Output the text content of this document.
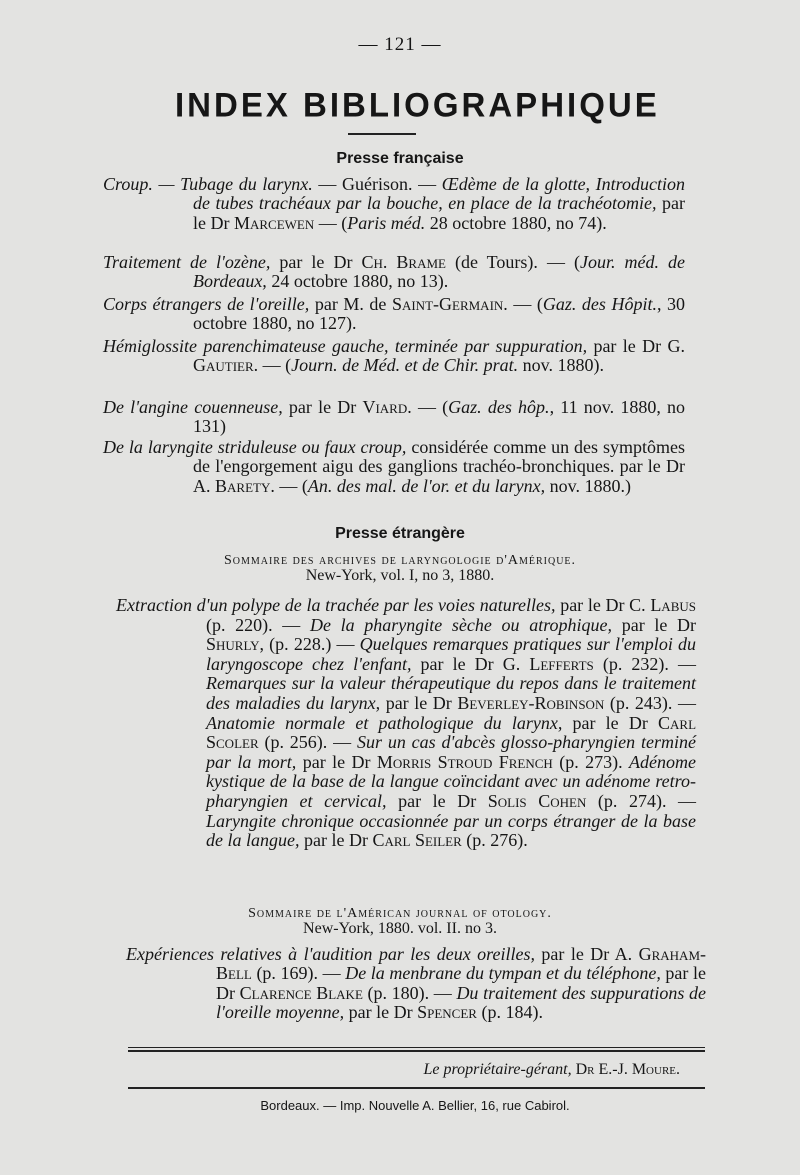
— 121 —
INDEX BIBLIOGRAPHIQUE
Presse française

Croup. — Tubage du larynx. — Guérison. — Œdème de la glotte, Introduction de tubes trachéaux par la bouche, en place de la trachéotomie, par le Dr Marcewen — (Paris méd. 28 octobre 1880, no 74).

Traitement de l'ozène, par le Dr Ch. Brame (de Tours). — (Jour. méd. de Bordeaux, 24 octobre 1880, no 13).

Corps étrangers de l'oreille, par M. de Saint-Germain. — (Gaz. des Hôpit., 30 octobre 1880, no 127).

Hémiglossite parenchimateuse gauche, terminée par suppuration, par le Dr G. Gautier. — (Journ. de Méd. et de Chir. prat. nov. 1880).

De l'angine couenneuse, par le Dr Viard. — (Gaz. des hôp., 11 nov. 1880, no 131)

De la laryngite striduleuse ou faux croup, considérée comme un des symptômes de l'engorgement aigu des ganglions trachéo-bronchiques. par le Dr A. Barety. — (An. des mal. de l'or. et du larynx, nov. 1880.)

Presse étrangère
Sommaire des archives de laryngologie d'Amérique.
New-York, vol. I, no 3, 1880.

Extraction d'un polype de la trachée par les voies naturelles, par le Dr C. Labus (p. 220). — De la pharyngite sèche ou atrophique, par le Dr Shurly, (p. 228.) — Quelques remarques pratiques sur l'emploi du laryngoscope chez l'enfant, par le Dr G. Lefferts (p. 232). — Remarques sur la valeur thérapeutique du repos dans le traitement des maladies du larynx, par le Dr Beverley-Robinson (p. 243). — Anatomie normale et pathologique du larynx, par le Dr Carl Scoler (p. 256). — Sur un cas d'abcès glosso-pharyngien terminé par la mort, par le Dr Morris Stroud French (p. 273). Adénome kystique de la base de la langue coïncidant avec un adénome retro-pharyngien et cervical, par le Dr Solis Cohen (p. 274). — Laryngite chronique occasionnée par un corps étranger de la base de la langue, par le Dr Carl Seiler (p. 276).

Sommaire de l'Américan journal of otology.
New-York, 1880. vol. II. no 3.

Expériences relatives à l'audition par les deux oreilles, par le Dr A. Graham-Bell (p. 169). — De la menbrane du tympan et du téléphone, par le Dr Clarence Blake (p. 180). — Du traitement des suppurations de l'oreille moyenne, par le Dr Spencer (p. 184).

Le propriétaire-gérant, Dr E.-J. Moure.
Bordeaux. — Imp. Nouvelle A. Bellier, 16, rue Cabirol.
